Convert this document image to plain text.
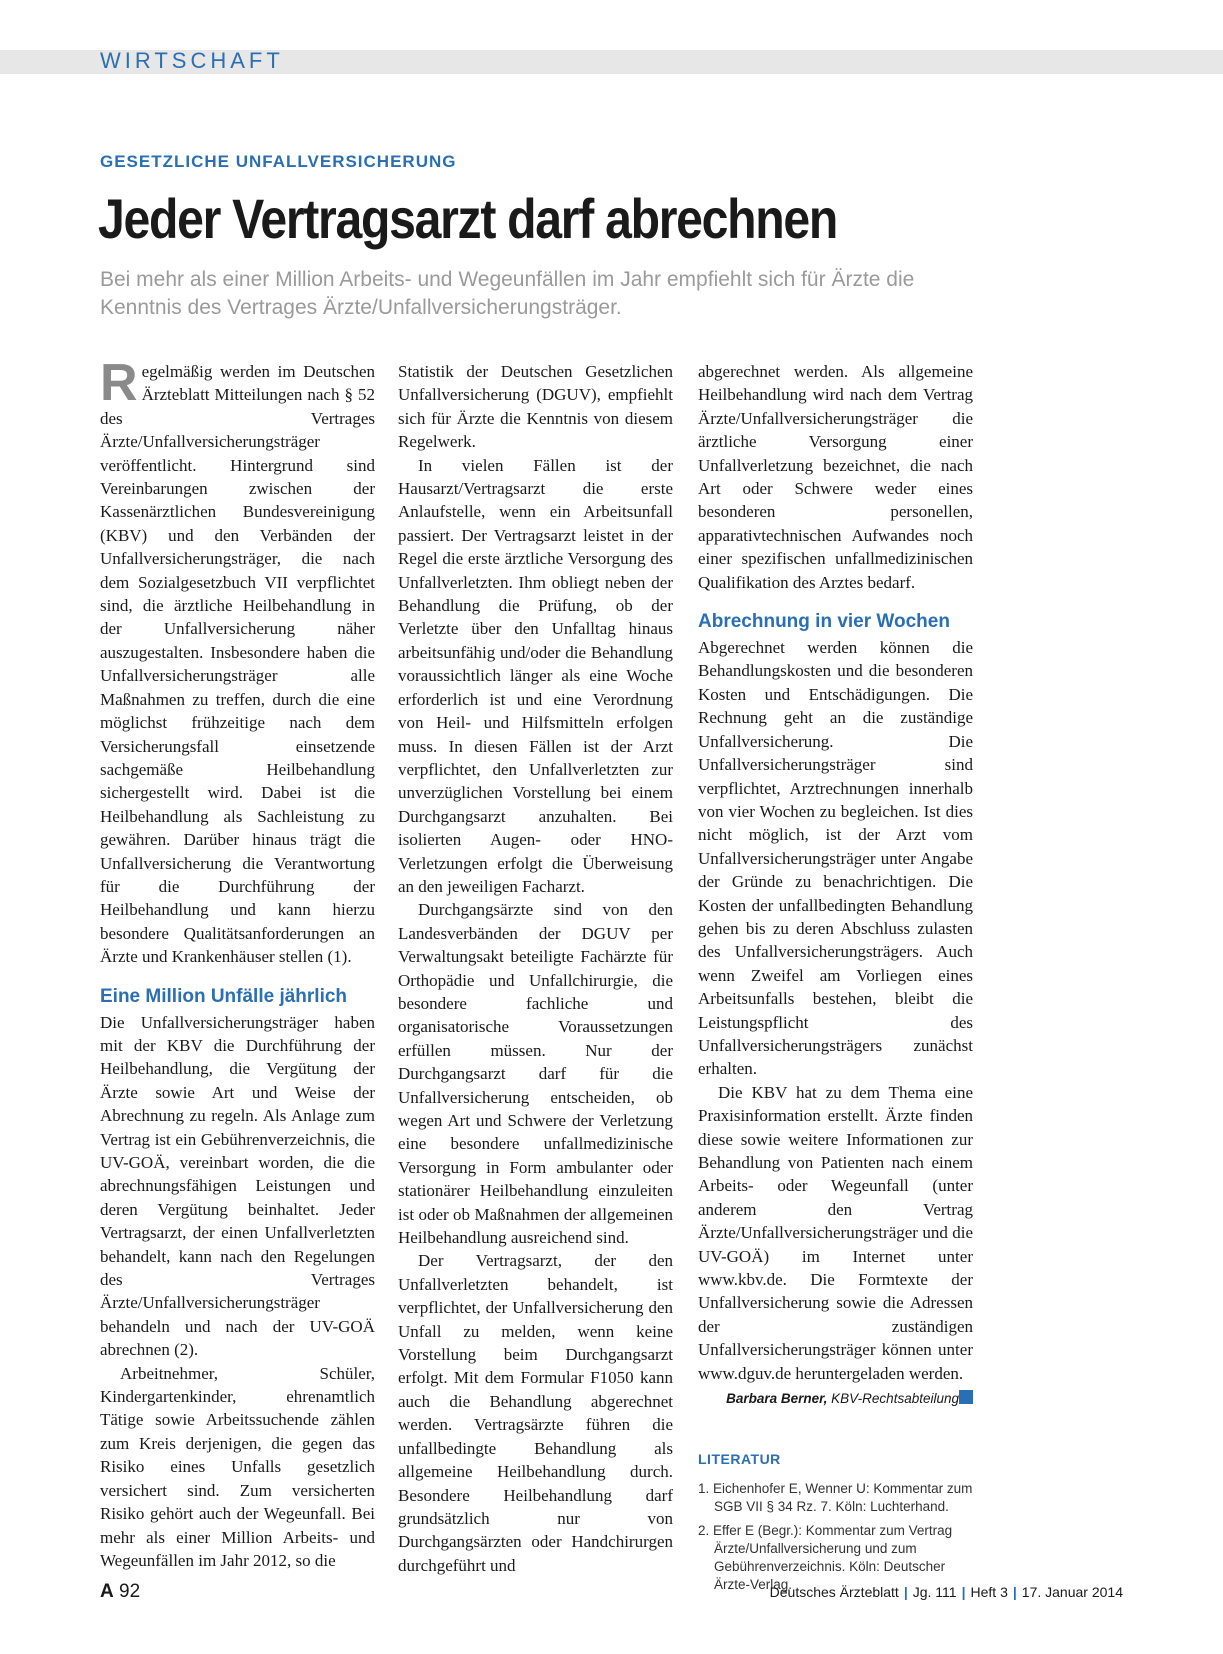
WIRTSCHAFT
GESETZLICHE UNFALLVERSICHERUNG
Jeder Vertragsarzt darf abrechnen
Bei mehr als einer Million Arbeits- und Wegeunfällen im Jahr empfiehlt sich für Ärzte die Kenntnis des Vertrages Ärzte/Unfallversicherungsträger.

Regelmäßig werden im Deutschen Ärzteblatt Mitteilungen nach § 52 des Vertrages Ärzte/Unfallversicherungsträger veröffentlicht. Hintergrund sind Vereinbarungen zwischen der Kassenärztlichen Bundesvereinigung (KBV) und den Verbänden der Unfallversicherungsträger, die nach dem Sozialgesetzbuch VII verpflichtet sind, die ärztliche Heilbehandlung in der Unfallversicherung näher auszugestalten. Insbesondere haben die Unfallversicherungsträger alle Maßnahmen zu treffen, durch die eine möglichst frühzeitige nach dem Versicherungsfall einsetzende sachgemäße Heilbehandlung sichergestellt wird. Dabei ist die Heilbehandlung als Sachleistung zu gewähren. Darüber hinaus trägt die Unfallversicherung die Verantwortung für die Durchführung der Heilbehandlung und kann hierzu besondere Qualitätsanforderungen an Ärzte und Krankenhäuser stellen (1).

Eine Million Unfälle jährlich

Die Unfallversicherungsträger haben mit der KBV die Durchführung der Heilbehandlung, die Vergütung der Ärzte sowie Art und Weise der Abrechnung zu regeln. Als Anlage zum Vertrag ist ein Gebührenverzeichnis, die UV-GOÄ, vereinbart worden, die die abrechnungsfähigen Leistungen und deren Vergütung beinhaltet. Jeder Vertragsarzt, der einen Unfallverletzten behandelt, kann nach den Regelungen des Vertrages Ärzte/Unfallversicherungsträger behandeln und nach der UV-GOÄ abrechnen (2).

Arbeitnehmer, Schüler, Kindergartenkinder, ehrenamtlich Tätige sowie Arbeitssuchende zählen zum Kreis derjenigen, die gegen das Risiko eines Unfalls gesetzlich versichert sind. Zum versicherten Risiko gehört auch der Wegeunfall. Bei mehr als einer Million Arbeits- und Wegeunfällen im Jahr 2012, so die

Statistik der Deutschen Gesetzlichen Unfallversicherung (DGUV), empfiehlt sich für Ärzte die Kenntnis von diesem Regelwerk.

In vielen Fällen ist der Hausarzt/Vertragsarzt die erste Anlaufstelle, wenn ein Arbeitsunfall passiert. Der Vertragsarzt leistet in der Regel die erste ärztliche Versorgung des Unfallverletzten. Ihm obliegt neben der Behandlung die Prüfung, ob der Verletzte über den Unfalltag hinaus arbeitsunfähig und/oder die Behandlung voraussichtlich länger als eine Woche erforderlich ist und eine Verordnung von Heil- und Hilfsmitteln erfolgen muss. In diesen Fällen ist der Arzt verpflichtet, den Unfallverletzten zur unverzüglichen Vorstellung bei einem Durchgangsarzt anzuhalten. Bei isolierten Augen- oder HNO-Verletzungen erfolgt die Überweisung an den jeweiligen Facharzt.

Durchgangsärzte sind von den Landesverbänden der DGUV per Verwaltungsakt beteiligte Fachärzte für Orthopädie und Unfallchirurgie, die besondere fachliche und organisatorische Voraussetzungen erfüllen müssen. Nur der Durchgangsarzt darf für die Unfallversicherung entscheiden, ob wegen Art und Schwere der Verletzung eine besondere unfallmedizinische Versorgung in Form ambulanter oder stationärer Heilbehandlung einzuleiten ist oder ob Maßnahmen der allgemeinen Heilbehandlung ausreichend sind.

Der Vertragsarzt, der den Unfallverletzten behandelt, ist verpflichtet, der Unfallversicherung den Unfall zu melden, wenn keine Vorstellung beim Durchgangsarzt erfolgt. Mit dem Formular F1050 kann auch die Behandlung abgerechnet werden. Vertragsärzte führen die unfallbedingte Behandlung als allgemeine Heilbehandlung durch. Besondere Heilbehandlung darf grundsätzlich nur von Durchgangsärzten oder Handchirurgen durchgeführt und

abgerechnet werden. Als allgemeine Heilbehandlung wird nach dem Vertrag Ärzte/Unfallversicherungsträger die ärztliche Versorgung einer Unfallverletzung bezeichnet, die nach Art oder Schwere weder eines besonderen personellen, apparativtechnischen Aufwandes noch einer spezifischen unfallmedizinischen Qualifikation des Arztes bedarf.

Abrechnung in vier Wochen

Abgerechnet werden können die Behandlungskosten und die besonderen Kosten und Entschädigungen. Die Rechnung geht an die zuständige Unfallversicherung. Die Unfallversicherungsträger sind verpflichtet, Arztrechnungen innerhalb von vier Wochen zu begleichen. Ist dies nicht möglich, ist der Arzt vom Unfallversicherungsträger unter Angabe der Gründe zu benachrichtigen. Die Kosten der unfallbedingten Behandlung gehen bis zu deren Abschluss zulasten des Unfallversicherungsträgers. Auch wenn Zweifel am Vorliegen eines Arbeitsunfalls bestehen, bleibt die Leistungspflicht des Unfallversicherungsträgers zunächst erhalten.

Die KBV hat zu dem Thema eine Praxisinformation erstellt. Ärzte finden diese sowie weitere Informationen zur Behandlung von Patienten nach einem Arbeits- oder Wegeunfall (unter anderem den Vertrag Ärzte/Unfallversicherungsträger und die UV-GOÄ) im Internet unter www.kbv.de. Die Formtexte der Unfallversicherung sowie die Adressen der zuständigen Unfallversicherungsträger können unter www.dguv.de heruntergeladen werden.

Barbara Berner, KBV-Rechtsabteilung
LITERATUR
1. Eichenhofer E, Wenner U: Kommentar zum SGB VII § 34 Rz. 7. Köln: Luchterhand.
2. Effer E (Begr.): Kommentar zum Vertrag Ärzte/Unfallversicherung und zum Gebührenverzeichnis. Köln: Deutscher Ärzte-Verlag.
A 92	Deutsches Ärzteblatt | Jg. 111 | Heft 3 | 17. Januar 2014
